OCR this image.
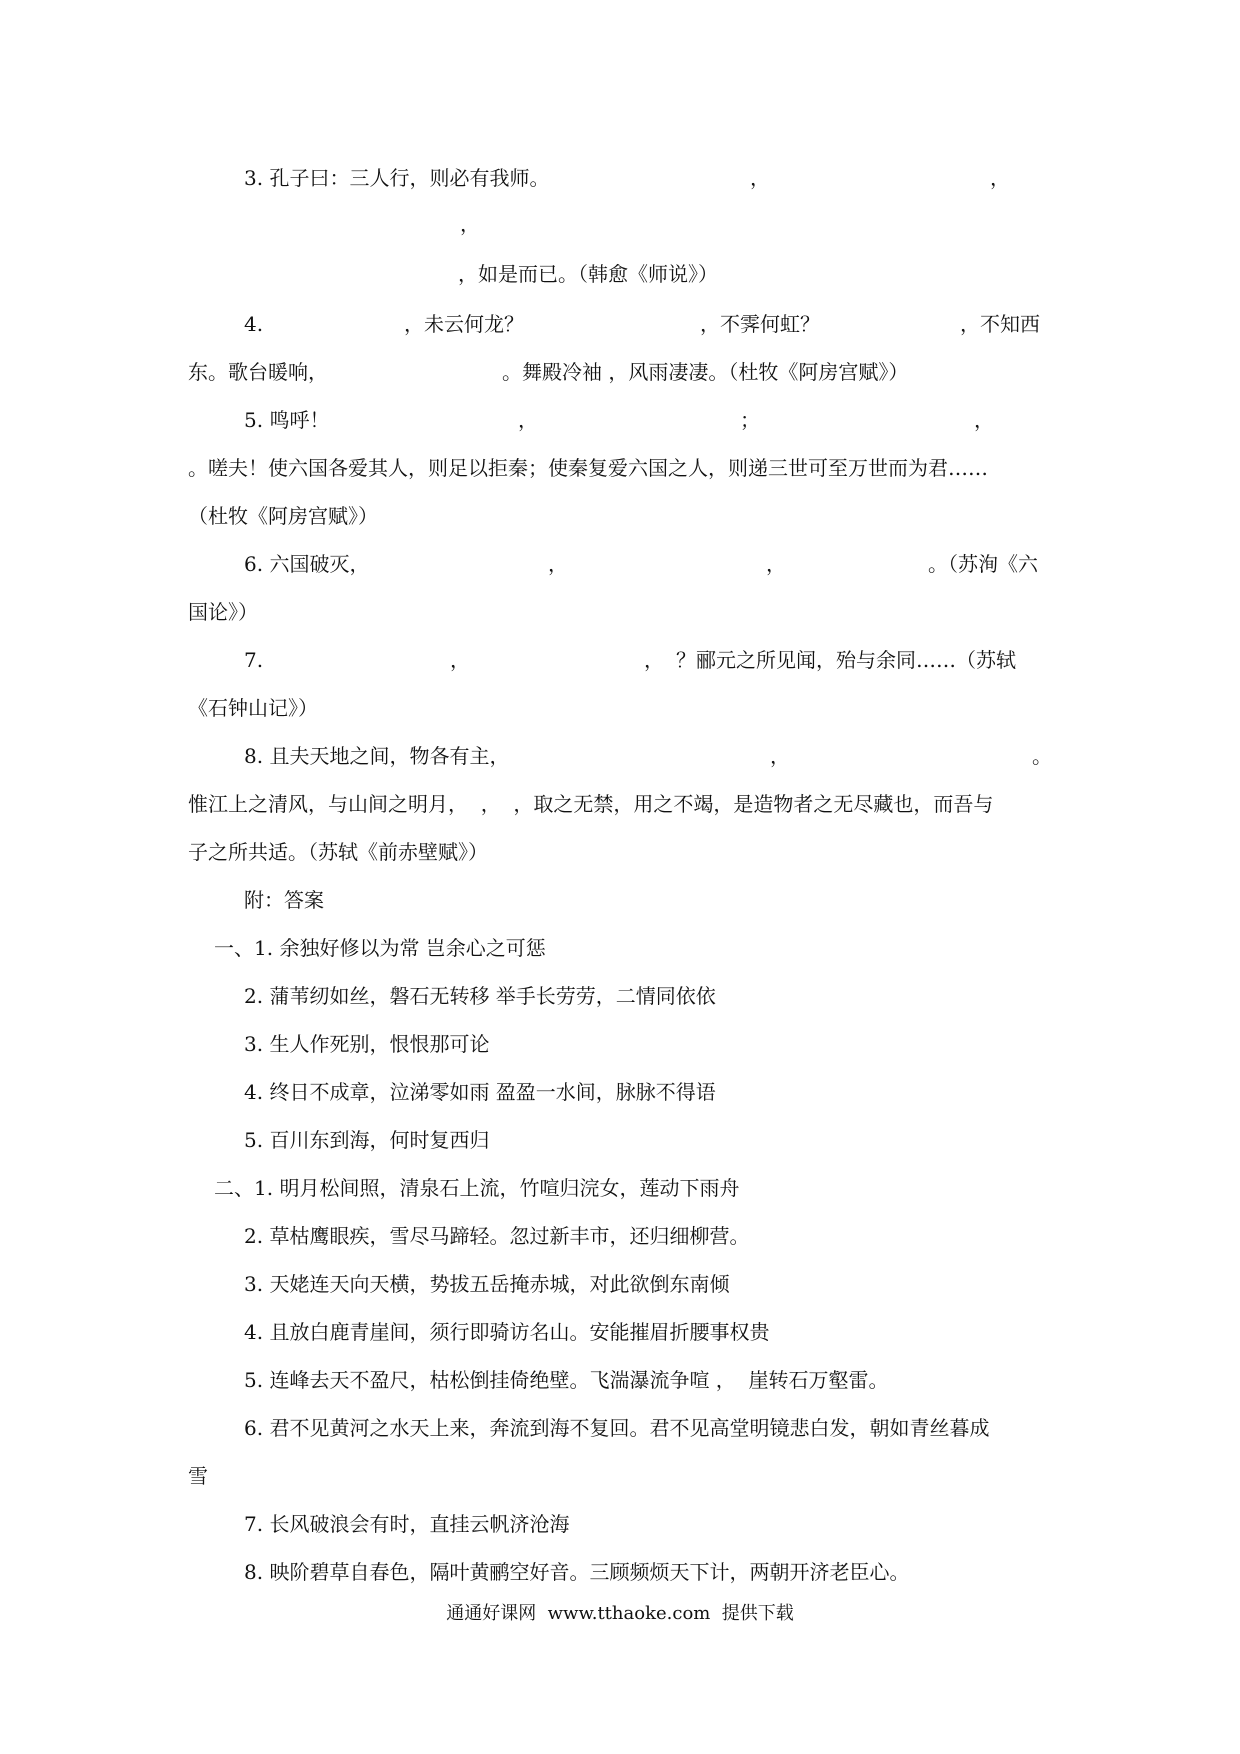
3. 孔子曰：三人行，则必有我师。	，	，
，
，如是而已。（韩愈《师说》）
4.	，未云何龙？	，不霁何虹？	，不知西
东。歌台暖响，	。舞殿冷袖 ，风雨凄凄。（杜牧《阿房宫赋》）
5. 鸣呼！	，	；	，
。嗟夫！使六国各爱其人，则足以拒秦；使秦复爱六国之人，则递三世可至万世而为君……
（杜牧《阿房宫赋》）
6. 六国破灭，	，	，	。（苏洵《六
国论》）
7.	，	， ？郦元之所见闻，殆与余同……（苏轼
《石钟山记》）
8. 且夫天地之间，物各有主，	，	。
惟江上之清风，与山间之明月，  ，  ，取之无禁，用之不竭，是造物者之无尽藏也，而吾与
子之所共适。（苏轼《前赤壁赋》）
附：答案
一、1. 余独好修以为常 岂余心之可惩
2. 蒲苇纫如丝，磐石无转移 举手长劳劳，二情同依依
3. 生人作死别，恨恨那可论
4. 终日不成章，泣涕零如雨 盈盈一水间，脉脉不得语
5. 百川东到海，何时复西归
二、1. 明月松间照，清泉石上流，竹喧归浣女，莲动下雨舟
2. 草枯鹰眼疾，雪尽马蹄轻。忽过新丰市，还归细柳营。
3. 天姥连天向天横，势拔五岳掩赤城，对此欲倒东南倾
4. 且放白鹿青崖间，须行即骑访名山。安能摧眉折腰事权贵
5. 连峰去天不盈尺，枯松倒挂倚绝壁。飞湍瀑流争喧 ，  崖转石万壑雷。
6. 君不见黄河之水天上来，奔流到海不复回。君不见高堂明镜悲白发，朝如青丝暮成
雪
7. 长风破浪会有时，直挂云帆济沧海
8. 映阶碧草自春色，隔叶黄鹂空好音。三顾频烦天下计，两朝开济老臣心。
通通好课网  www.tthaoke.com  提供下载
